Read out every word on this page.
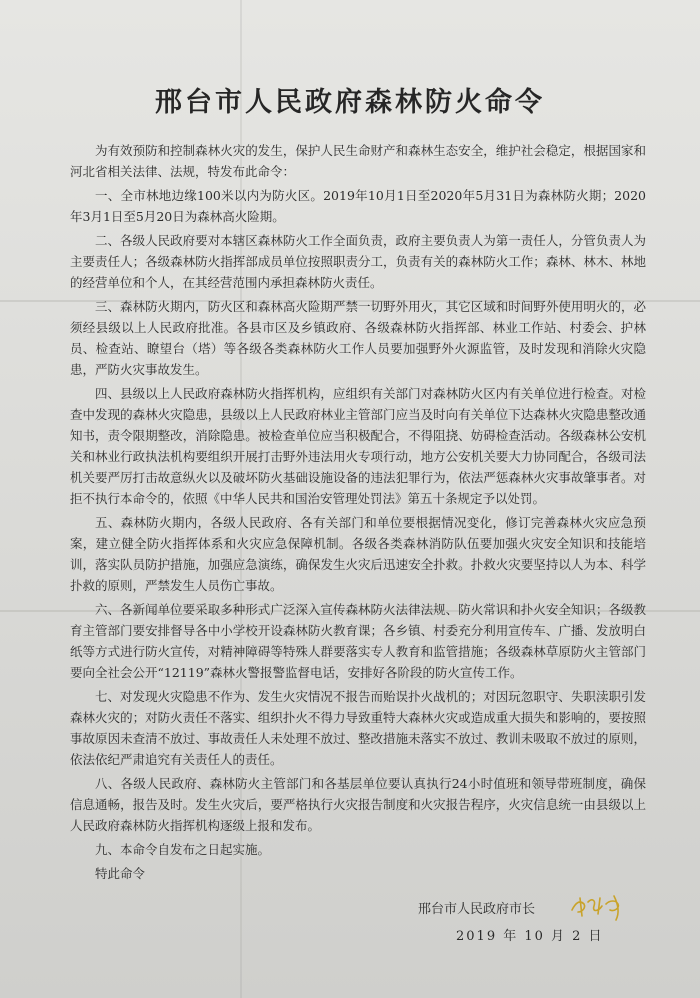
邢台市人民政府森林防火命令

为有效预防和控制森林火灾的发生，保护人民生命财产和森林生态安全，维护社会稳定，根据国家和河北省相关法律、法规，特发布此命令：

一、全市林地边缘100米以内为防火区。2019年10月1日至2020年5月31日为森林防火期；2020年3月1日至5月20日为森林高火险期。

二、各级人民政府要对本辖区森林防火工作全面负责，政府主要负责人为第一责任人，分管负责人为主要责任人；各级森林防火指挥部成员单位按照职责分工，负责有关的森林防火工作；森林、林木、林地的经营单位和个人，在其经营范围内承担森林防火责任。

三、森林防火期内，防火区和森林高火险期严禁一切野外用火，其它区域和时间野外使用明火的，必须经县级以上人民政府批准。各县市区及乡镇政府、各级森林防火指挥部、林业工作站、村委会、护林员、检查站、瞭望台（塔）等各级各类森林防火工作人员要加强野外火源监管，及时发现和消除火灾隐患，严防火灾事故发生。

四、县级以上人民政府森林防火指挥机构，应组织有关部门对森林防火区内有关单位进行检查。对检查中发现的森林火灾隐患，县级以上人民政府林业主管部门应当及时向有关单位下达森林火灾隐患整改通知书，责令限期整改，消除隐患。被检查单位应当积极配合，不得阻挠、妨碍检查活动。各级森林公安机关和林业行政执法机构要组织开展打击野外违法用火专项行动，地方公安机关要大力协同配合，各级司法机关要严厉打击故意纵火以及破坏防火基础设施设备的违法犯罪行为，依法严惩森林火灾事故肇事者。对拒不执行本命令的，依照《中华人民共和国治安管理处罚法》第五十条规定予以处罚。

五、森林防火期内，各级人民政府、各有关部门和单位要根据情况变化，修订完善森林火灾应急预案，建立健全防火指挥体系和火灾应急保障机制。各级各类森林消防队伍要加强火灾安全知识和技能培训，落实队员防护措施，加强应急演练，确保发生火灾后迅速安全扑救。扑救火灾要坚持以人为本、科学扑救的原则，严禁发生人员伤亡事故。

六、各新闻单位要采取多种形式广泛深入宣传森林防火法律法规、防火常识和扑火安全知识；各级教育主管部门要安排督导各中小学校开设森林防火教育课；各乡镇、村委充分利用宣传车、广播、发放明白纸等方式进行防火宣传，对精神障碍等特殊人群要落实专人教育和监管措施；各级森林草原防火主管部门要向全社会公开“12119”森林火警报警监督电话，安排好各阶段的防火宣传工作。

七、对发现火灾隐患不作为、发生火灾情况不报告而贻误扑火战机的；对因玩忽职守、失职渎职引发森林火灾的；对防火责任不落实、组织扑火不得力导致重特大森林火灾或造成重大损失和影响的，要按照事故原因未查清不放过、事故责任人未处理不放过、整改措施未落实不放过、教训未吸取不放过的原则，依法依纪严肃追究有关责任人的责任。

八、各级人民政府、森林防火主管部门和各基层单位要认真执行24小时值班和领导带班制度，确保信息通畅，报告及时。发生火灾后，要严格执行火灾报告制度和火灾报告程序，火灾信息统一由县级以上人民政府森林防火指挥机构逐级上报和发布。

九、本命令自发布之日起实施。

特此命令

邢台市人民政府市长
2019 年 10 月 2 日
